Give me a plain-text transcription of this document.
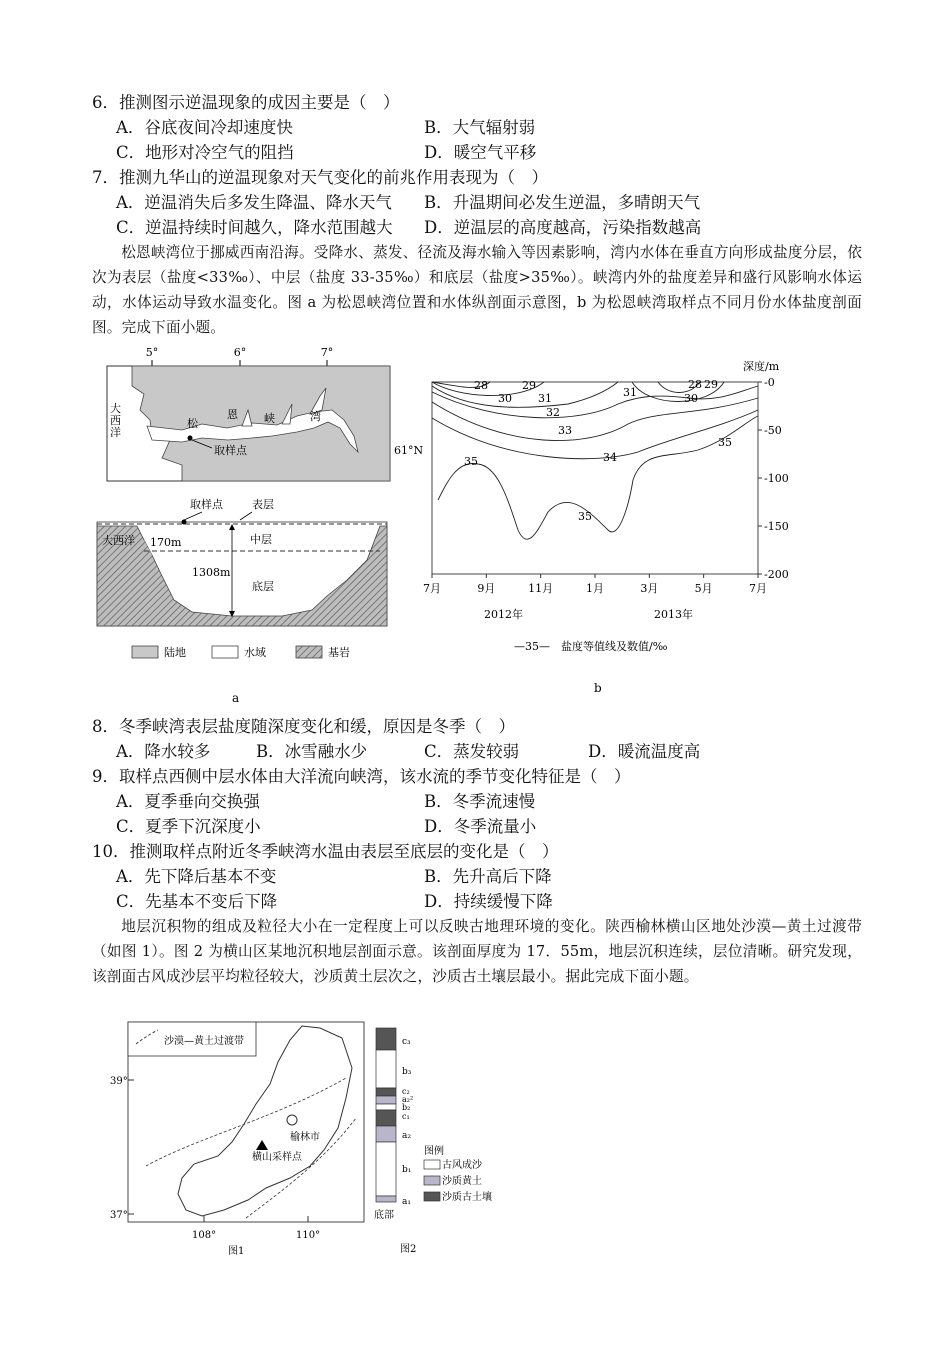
6．推测图示逆温现象的成因主要是（　）
A．谷底夜间冷却速度快	B．大气辐射弱
C．地形对冷空气的阻挡	D．暖空气平移
7．推测九华山的逆温现象对天气变化的前兆作用表现为（　）
A．逆温消失后多发生降温、降水天气 B．升温期间必发生逆温，多晴朗天气
C．逆温持续时间越久，降水范围越大 D．逆温层的高度越高，污染指数越高
松恩峡湾位于挪威西南沿海。受降水、蒸发、径流及海水输入等因素影响，湾内水体在垂直方向形成盐度分层，依次为表层（盐度<33‰）、中层（盐度 33-35‰）和底层（盐度>35‰）。峡湾内外的盐度差异和盛行风影响水体运动，水体运动导致水温变化。图 a 为松恩峡湾位置和水体纵剖面示意图，b 为松恩峡湾取样点不同月份水体盐度剖面图。完成下面小题。
5°	6°	7°
大
西
洋
松
恩 峡	湾
取样点	61°N
取样点	表层
大西洋 170m	中层
1308m
底层
陆地	水域	基岩
a
深度/m
-0
-50
-100
-150
-200
7月	9月	11月	1月	3月	5月	7月
28	29
30 31
32
33
34
35
35
28 29
30
35
31
2012年	2013年
—35—　盐度等值线及数值/‰
b
8．冬季峡湾表层盐度随深度变化和缓，原因是冬季（　）
A．降水较多	B．冰雪融水少	C．蒸发较弱	D．暖流温度高
9．取样点西侧中层水体由大洋流向峡湾，该水流的季节变化特征是（　）
A．夏季垂向交换强	B．冬季流速慢
C．夏季下沉深度小	D．冬季流量小
10．推测取样点附近冬季峡湾水温由表层至底层的变化是（　）
A．先下降后基本不变	B．先升高后下降
C．先基本不变后下降	D．持续缓慢下降
地层沉积物的组成及粒径大小在一定程度上可以反映古地理环境的变化。陕西榆林横山区地处沙漠—黄土过渡带（如图 1）。图 2 为横山区某地沉积地层剖面示意。该剖面厚度为 17．55m，地层沉积连续，层位清晰。研究发现，该剖面古风成沙层平均粒径较大，沙质黄土层次之，沙质古土壤层最小。据此完成下面小题。
沙漠—黄土过渡带
39°
37°
108°	110°
榆林市
横山采样点
图1
c₃
b₃
c₂
a₂²
b₂
c₁
a₂
b₁
a₁
底部
图例
古风成沙
沙质黄土
沙质古土壤
图2
